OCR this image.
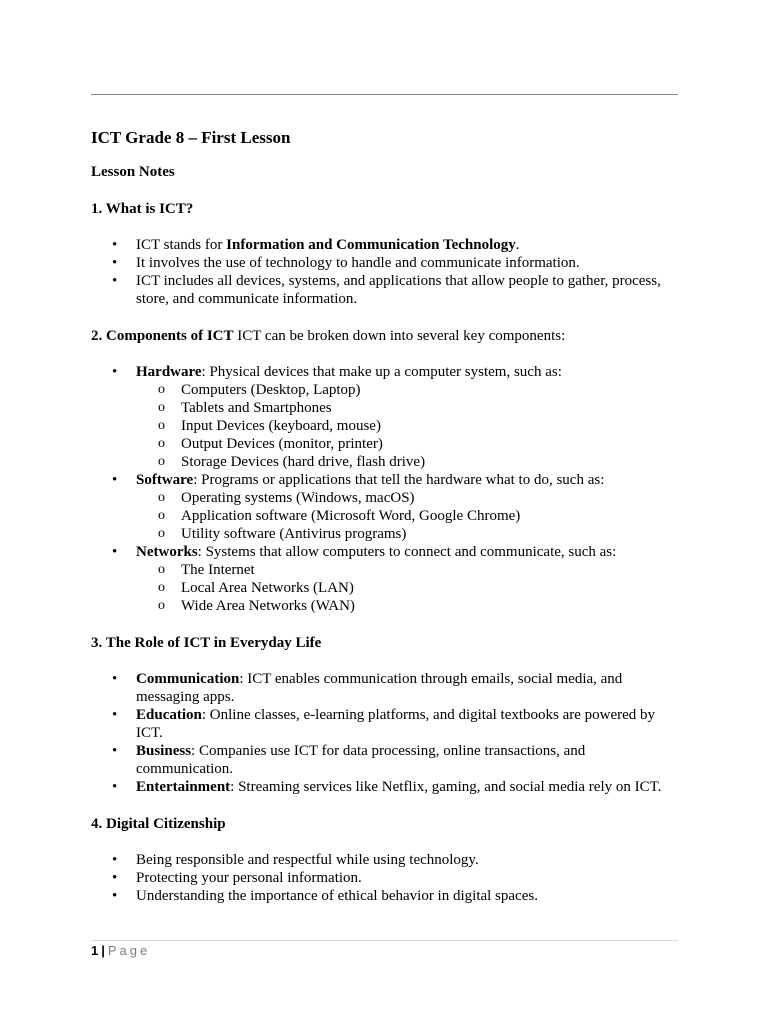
ICT Grade 8 – First Lesson

Lesson Notes

1. What is ICT?

• ICT stands for Information and Communication Technology.
• It involves the use of technology to handle and communicate information.
• ICT includes all devices, systems, and applications that allow people to gather, process, store, and communicate information.

2. Components of ICT ICT can be broken down into several key components:

• Hardware: Physical devices that make up a computer system, such as:
o Computers (Desktop, Laptop)
o Tablets and Smartphones
o Input Devices (keyboard, mouse)
o Output Devices (monitor, printer)
o Storage Devices (hard drive, flash drive)
• Software: Programs or applications that tell the hardware what to do, such as:
o Operating systems (Windows, macOS)
o Application software (Microsoft Word, Google Chrome)
o Utility software (Antivirus programs)
• Networks: Systems that allow computers to connect and communicate, such as:
o The Internet
o Local Area Networks (LAN)
o Wide Area Networks (WAN)

3. The Role of ICT in Everyday Life

• Communication: ICT enables communication through emails, social media, and messaging apps.
• Education: Online classes, e-learning platforms, and digital textbooks are powered by ICT.
• Business: Companies use ICT for data processing, online transactions, and communication.
• Entertainment: Streaming services like Netflix, gaming, and social media rely on ICT.

4. Digital Citizenship

• Being responsible and respectful while using technology.
• Protecting your personal information.
• Understanding the importance of ethical behavior in digital spaces.
1 | Page
